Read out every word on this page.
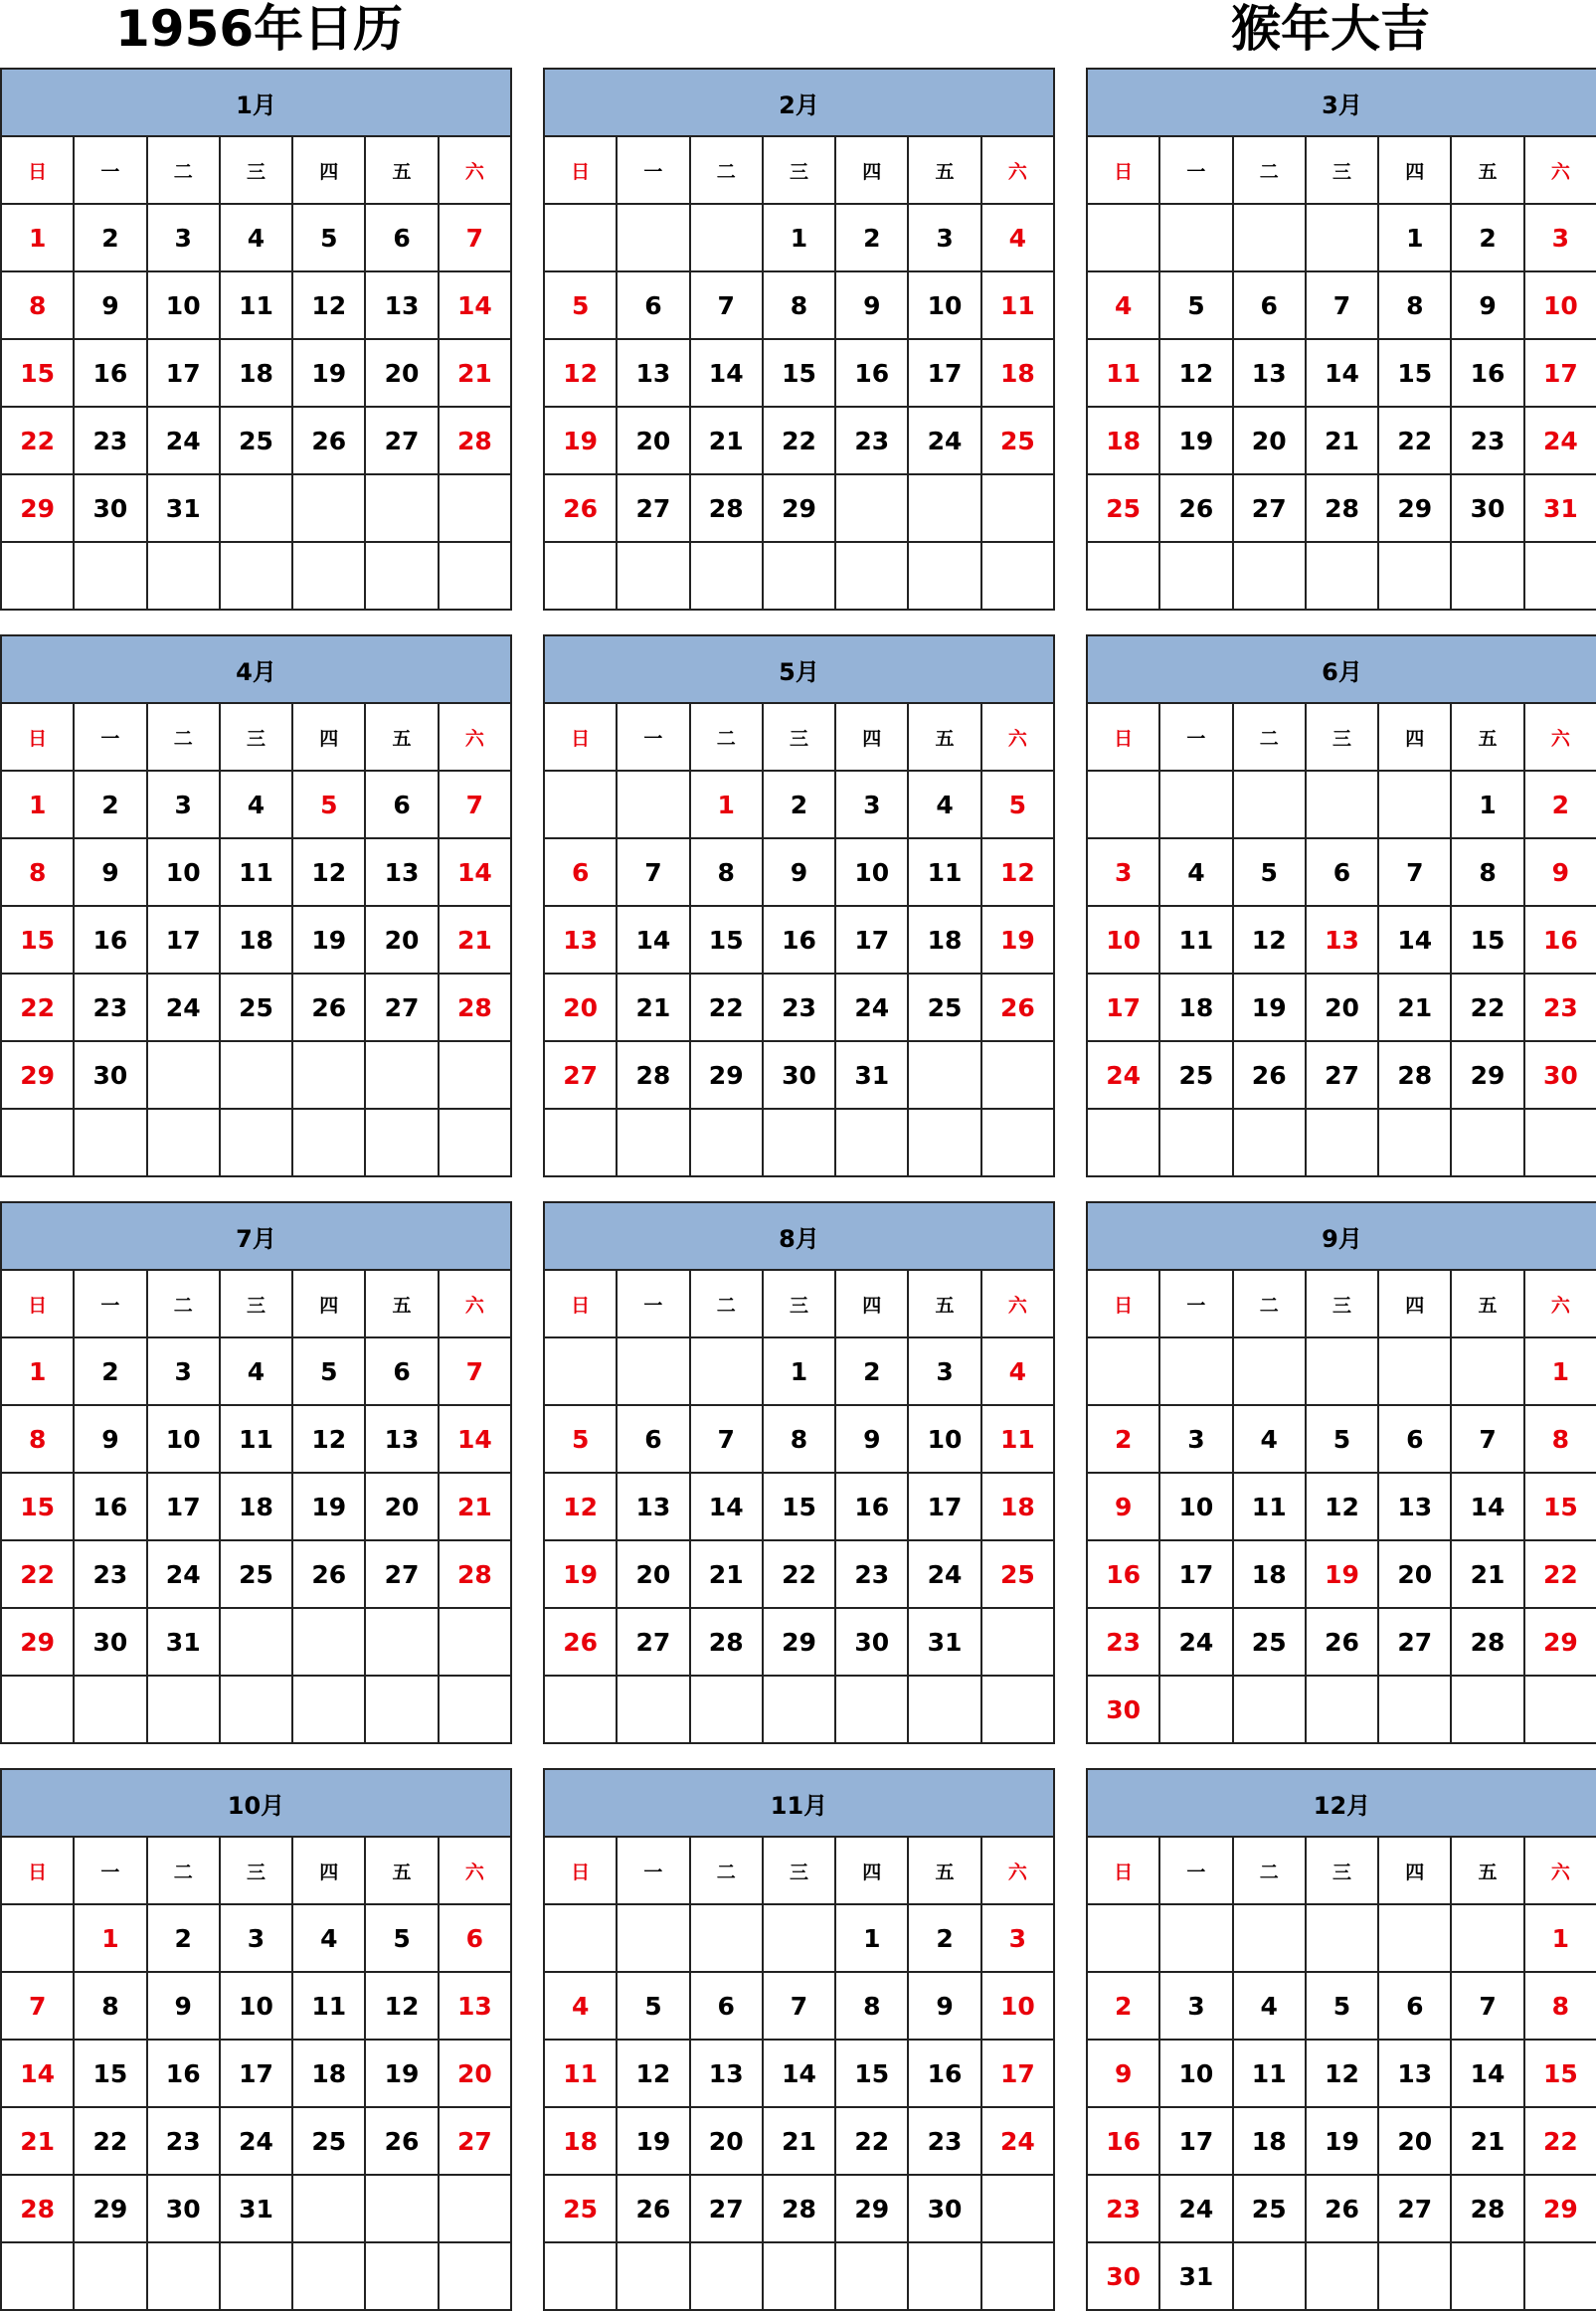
1956年日历	猴年大吉
1月						
日	一	二	三	四	五	六
1	2	3	4	5	6	7
8	9	10	11	12	13	14
15	16	17	18	19	20	21
22	23	24	25	26	27	28
29	30	31				

2月						
日	一	二	三	四	五	六
			1	2	3	4
5	6	7	8	9	10	11
12	13	14	15	16	17	18
19	20	21	22	23	24	25
26	27	28	29			

3月						
日	一	二	三	四	五	六
				1	2	3
4	5	6	7	8	9	10
11	12	13	14	15	16	17
18	19	20	21	22	23	24
25	26	27	28	29	30	31

4月						
日	一	二	三	四	五	六
1	2	3	4	5	6	7
8	9	10	11	12	13	14
15	16	17	18	19	20	21
22	23	24	25	26	27	28
29	30					

5月						
日	一	二	三	四	五	六
		1	2	3	4	5
6	7	8	9	10	11	12
13	14	15	16	17	18	19
20	21	22	23	24	25	26
27	28	29	30	31		

6月						
日	一	二	三	四	五	六
					1	2
3	4	5	6	7	8	9
10	11	12	13	14	15	16
17	18	19	20	21	22	23
24	25	26	27	28	29	30

7月						
日	一	二	三	四	五	六
1	2	3	4	5	6	7
8	9	10	11	12	13	14
15	16	17	18	19	20	21
22	23	24	25	26	27	28
29	30	31				

8月						
日	一	二	三	四	五	六
			1	2	3	4
5	6	7	8	9	10	11
12	13	14	15	16	17	18
19	20	21	22	23	24	25
26	27	28	29	30	31	

9月						
日	一	二	三	四	五	六
						1
2	3	4	5	6	7	8
9	10	11	12	13	14	15
16	17	18	19	20	21	22
23	24	25	26	27	28	29
30						
10月						
日	一	二	三	四	五	六
	1	2	3	4	5	6
7	8	9	10	11	12	13
14	15	16	17	18	19	20
21	22	23	24	25	26	27
28	29	30	31			

11月						
日	一	二	三	四	五	六
				1	2	3
4	5	6	7	8	9	10
11	12	13	14	15	16	17
18	19	20	21	22	23	24
25	26	27	28	29	30	

12月						
日	一	二	三	四	五	六
						1
2	3	4	5	6	7	8
9	10	11	12	13	14	15
16	17	18	19	20	21	22
23	24	25	26	27	28	29
30	31					
